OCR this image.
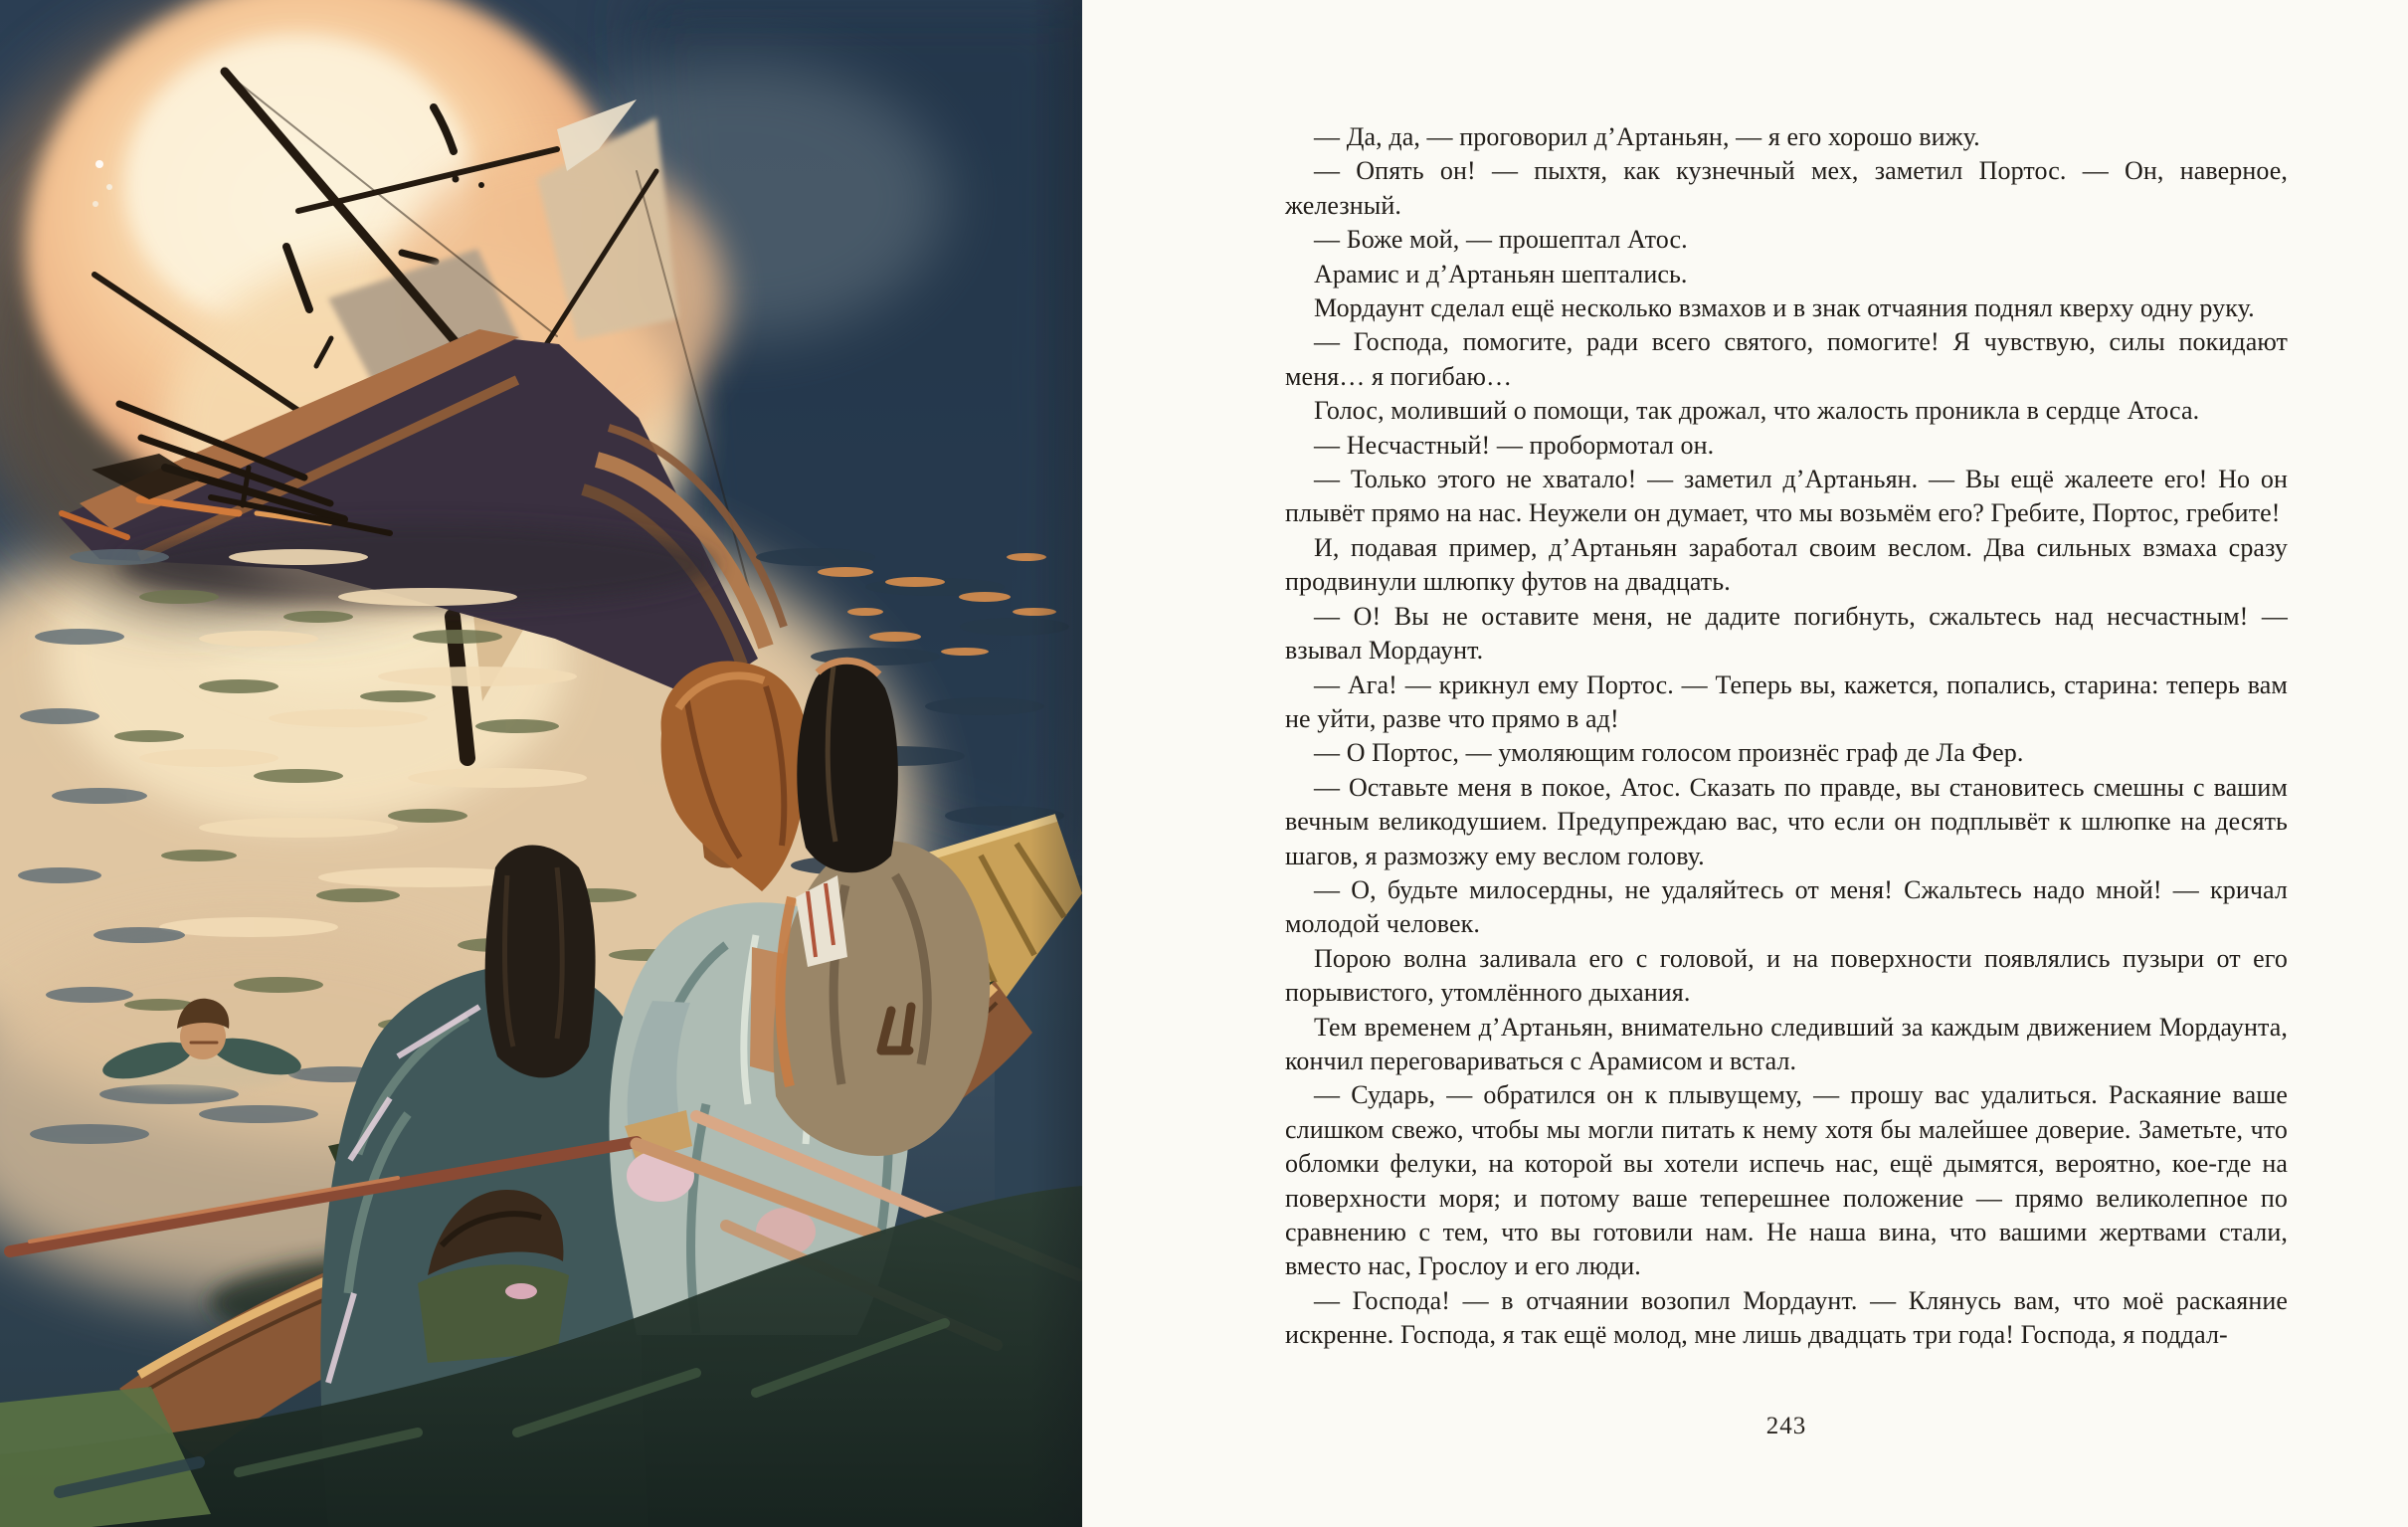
— Да, да, — проговорил д’Артаньян, — я его хорошо вижу.

— Опять он! — пыхтя, как кузнечный мех, заметил Портос. — Он, наверное, железный.

— Боже мой, — прошептал Атос.

Арамис и д’Артаньян шептались.

Мордаунт сделал ещё несколько взмахов и в знак отчаяния поднял кверху одну руку.

— Господа, помогите, ради всего святого, помогите! Я чувствую, силы покидают меня… я погибаю…

Голос, моливший о помощи, так дрожал, что жалость проникла в сердце Атоса.

— Несчастный! — пробормотал он.

— Только этого не хватало! — заметил д’Артаньян. — Вы ещё жалеете его! Но он плывёт прямо на нас. Неужели он думает, что мы возьмём его? Гребите, Портос, гребите!

И, подавая пример, д’Артаньян заработал своим веслом. Два сильных взмаха сразу продвинули шлюпку футов на двадцать.

— О! Вы не оставите меня, не дадите погибнуть, сжальтесь над несчастным! — взывал Мордаунт.

— Ага! — крикнул ему Портос. — Теперь вы, кажется, попались, старина: теперь вам не уйти, разве что прямо в ад!

— О Портос, — умоляющим голосом произнёс граф де Ла Фер.

— Оставьте меня в покое, Атос. Сказать по правде, вы становитесь смешны с вашим вечным великодушием. Предупреждаю вас, что если он подплывёт к шлюпке на десять шагов, я размозжу ему веслом голову.

— О, будьте милосердны, не удаляйтесь от меня! Сжальтесь надо мной! — кричал молодой человек.

Порою волна заливала его с головой, и на поверхности появлялись пузыри от его порывистого, утомлённого дыхания.

Тем временем д’Артаньян, внимательно следивший за каждым движением Мордаунта, кончил переговариваться с Арамисом и встал.

— Сударь, — обратился он к плывущему, — прошу вас удалиться. Раскаяние ваше слишком свежо, чтобы мы могли питать к нему хотя бы малейшее доверие. Заметьте, что обломки фелуки, на которой вы хотели испечь нас, ещё дымятся, вероятно, кое-где на поверхности моря; и потому ваше теперешнее положение — прямо великолепное по сравнению с тем, что вы готовили нам. Не наша вина, что вашими жертвами стали, вместо нас, Грослоу и его люди.

— Господа! — в отчаянии возопил Мордаунт. — Клянусь вам, что моё раскаяние искренне. Господа, я так ещё молод, мне лишь двадцать три года! Господа, я поддал-

243
